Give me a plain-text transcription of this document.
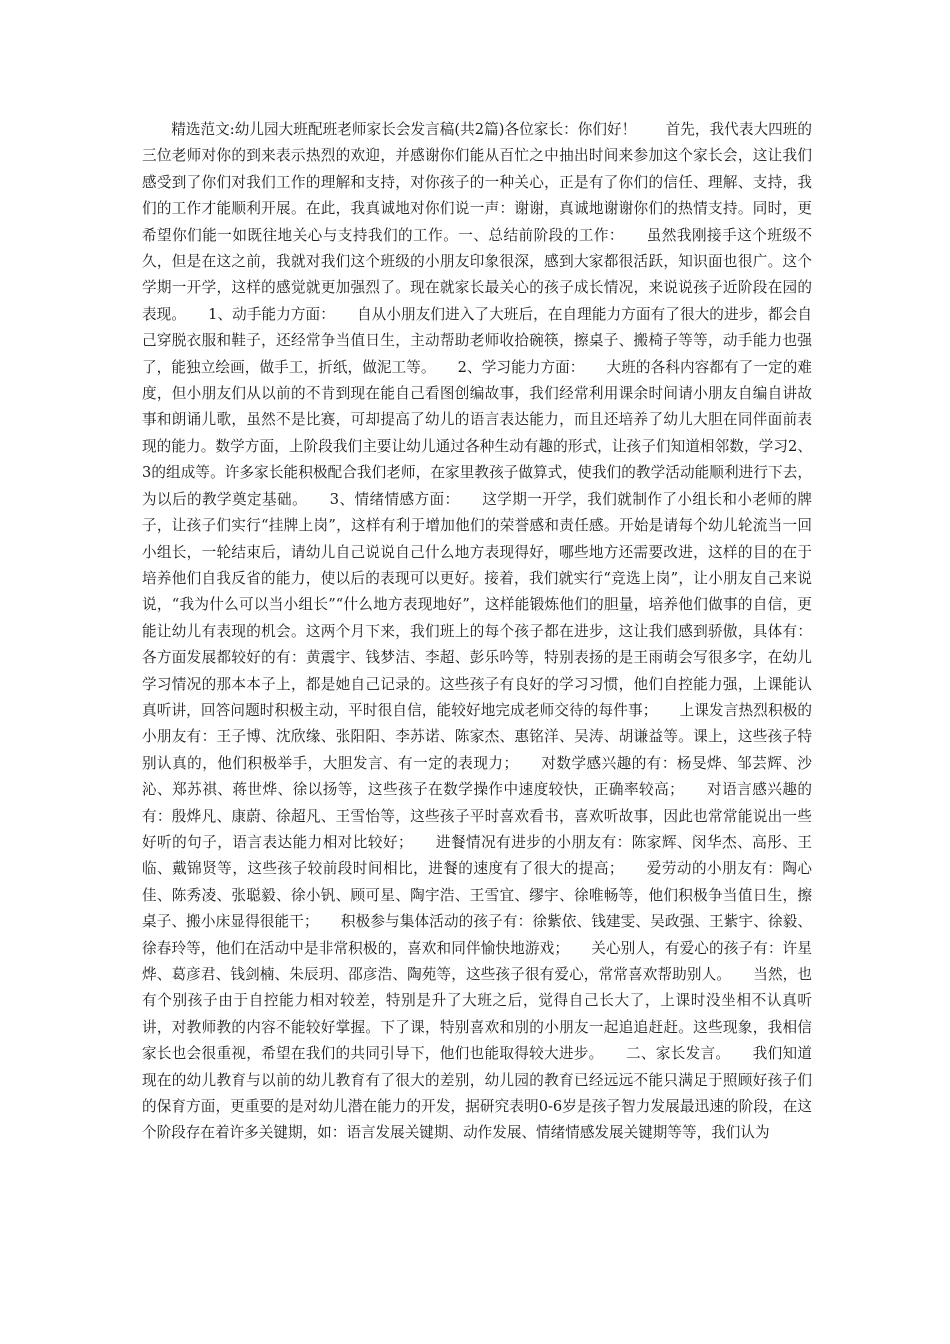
精选范文:幼儿园大班配班老师家长会发言稿(共2篇)各位家长：你们好！　　首先，我代表大四班的三位老师对你的到来表示热烈的欢迎，并感谢你们能从百忙之中抽出时间来参加这个家长会，这让我们感受到了你们对我们工作的理解和支持，对你孩子的一种关心，正是有了你们的信任、理解、支持，我们的工作才能顺利开展。在此，我真诚地对你们说一声：谢谢，真诚地谢谢你们的热情支持。同时，更希望你们能一如既往地关心与支持我们的工作。一、总结前阶段的工作：　　虽然我刚接手这个班级不久，但是在这之前，我就对我们这个班级的小朋友印象很深，感到大家都很活跃，知识面也很广。这个学期一开学，这样的感觉就更加强烈了。现在就家长最关心的孩子成长情况，来说说孩子近阶段在园的表现。　　1、动手能力方面：　　自从小朋友们进入了大班后，在自理能力方面有了很大的进步，都会自己穿脱衣服和鞋子，还经常争当值日生，主动帮助老师收拾碗筷，擦桌子、搬椅子等等，动手能力也强了，能独立绘画，做手工，折纸，做泥工等。　　2、学习能力方面：　　大班的各科内容都有了一定的难度，但小朋友们从以前的不肯到现在能自己看图创编故事，我们经常利用课余时间请小朋友自编自讲故事和朗诵儿歌，虽然不是比赛，可却提高了幼儿的语言表达能力，而且还培养了幼儿大胆在同伴面前表现的能力。数学方面，上阶段我们主要让幼儿通过各种生动有趣的形式，让孩子们知道相邻数，学习2、3的组成等。许多家长能积极配合我们老师，在家里教孩子做算式，使我们的教学活动能顺利进行下去，为以后的教学奠定基础。　　3、情绪情感方面：　　这学期一开学，我们就制作了小组长和小老师的牌子，让孩子们实行“挂牌上岗”，这样有利于增加他们的荣誉感和责任感。开始是请每个幼儿轮流当一回小组长，一轮结束后，请幼儿自己说说自己什么地方表现得好，哪些地方还需要改进，这样的目的在于培养他们自我反省的能力，使以后的表现可以更好。接着，我们就实行“竞选上岗”，让小朋友自己来说说，“我为什么可以当小组长”“什么地方表现地好”，这样能锻炼他们的胆量，培养他们做事的自信，更能让幼儿有表现的机会。这两个月下来，我们班上的每个孩子都在进步，这让我们感到骄傲，具体有：各方面发展都较好的有：黄震宇、钱梦洁、李超、彭乐吟等，特别表扬的是王雨萌会写很多字，在幼儿学习情况的那本本子上，都是她自己记录的。这些孩子有良好的学习习惯，他们自控能力强，上课能认真听讲，回答问题时积极主动，平时很自信，能较好地完成老师交待的每件事；　　上课发言热烈积极的小朋友有：王子博、沈欣缘、张阳阳、李苏诺、陈家杰、惠铭洋、吴涛、胡谦益等。课上，这些孩子特别认真的，他们积极举手，大胆发言、有一定的表现力；　　对数学感兴趣的有：杨旻烨、邹芸辉、沙沁、郑苏祺、蒋世烨、徐以扬等，这些孩子在数学操作中速度较快，正确率较高；　　对语言感兴趣的有：殷烨凡、康蔚、徐超凡、王雪怡等，这些孩子平时喜欢看书，喜欢听故事，因此也常常能说出一些好听的句子，语言表达能力相对比较好；　　进餐情况有进步的小朋友有：陈家辉、闵华杰、高彤、王临、戴锦贤等，这些孩子较前段时间相比，进餐的速度有了很大的提高；　　爱劳动的小朋友有：陶心佳、陈秀凌、张聪毅、徐小钒、顾可星、陶宇浩、王雪宜、缪宇、徐唯畅等，他们积极争当值日生，擦桌子、搬小床显得很能干；　　积极参与集体活动的孩子有：徐紫依、钱建雯、吴政强、王紫宇、徐毅、徐春玲等，他们在活动中是非常积极的，喜欢和同伴愉快地游戏；　　关心别人，有爱心的孩子有：许星烨、葛彦君、钱剑楠、朱辰玥、邵彦浩、陶苑等，这些孩子很有爱心，常常喜欢帮助别人。　　当然，也有个别孩子由于自控能力相对较差，特别是升了大班之后，觉得自己长大了，上课时没坐相不认真听讲，对教师教的内容不能较好掌握。下了课，特别喜欢和別的小朋友一起追追赶赶。这些现象，我相信家长也会很重视，希望在我们的共同引导下，他们也能取得较大进步。　　二、家长发言。　　我们知道现在的幼儿教育与以前的幼儿教育有了很大的差别，幼儿园的教育已经远远不能只满足于照顾好孩子们的保育方面，更重要的是对幼儿潜在能力的开发，据研究表明0-6岁是孩子智力发展最迅速的阶段，在这个阶段存在着许多关键期，如：语言发展关键期、动作发展、情绪情感发展关键期等等，我们认为
